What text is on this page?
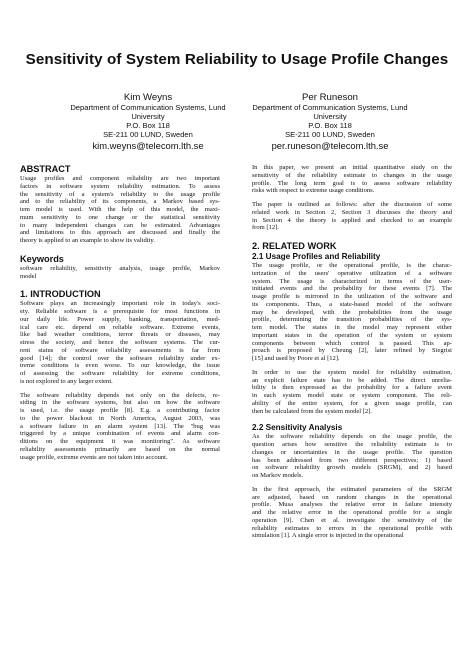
Sensitivity of System Reliability to Usage Profile Changes
Kim Weyns
Department of Communication Systems, Lund
University
P.O. Box 118
SE-211 00 LUND, Sweden
kim.weyns@telecom.lth.se
Per Runeson
Department of Communication Systems, Lund
University
P.O. Box 118
SE-211 00 LUND, Sweden
per.runeson@telecom.lth.se
ABSTRACT
Usage profiles and component reliability are two important
factors in software system reliability estimation. To assess
the sensitivity of a system's reliability to the usage profile
and to the reliability of its components, a Markov based sys-
tem model is used. With the help of this model, the maxi-
mum sensitivity to one change or the statistical sensitivity
to many independent changes can be estimated. Advantages
and limitations to this approach are discussed and finally the
theory is applied to an example to show its validity.
Keywords
software reliability, sensitivity analysis, usage profile, Markov
model
1. INTRODUCTION
Software plays an increasingly important role in today's soci-
ety. Reliable software is a prerequisite for most functions in
our daily life. Power supply, banking, transportation, med-
ical care etc. depend on reliable software. Extreme events,
like bad weather conditions, terror threats or diseases, may
stress the society, and hence the software systems. The cur-
rent status of software reliability assessments is far from
good [14]; the control over the software reliability under ex-
treme conditions is even worse. To our knowledge, the issue
of assessing the software reliability for extreme conditions,
is not explored to any larger extent.
The software reliability depends not only on the defects, re-
siding in the software systems, but also on how the software
is used, i.e. the usage profile [8]. E.g. a contributing factor
to the power blackout in North America, August 2003, was
a software failure in an alarm system [13]. The "bug was
triggered by a unique combination of events and alarm con-
ditions on the equipment it was monitoring". As software
reliability assessments primarily are based on the normal
usage profile, extreme events are not taken into account.
In this paper, we present an initial quantitative study on the
sensitivity of the reliability estimate to changes in the usage
profile. The long term goal is to assess software reliability
risks with respect to extreme usage conditions.
The paper is outlined as follows: after the discussion of some
related work in Section 2, Section 3 discusses the theory and
in Section 4 the theory is applied and checked to an example
from [12].
2. RELATED WORK
2.1 Usage Profiles and Reliability
The usage profile, or the operational profile, is the charac-
terization of the users' operative utilization of a software
system. The usage is characterized in terms of the user-
initiated events and the probability for these events [7]. The
usage profile is mirrored in the utilization of the software and
its components. Thus, a state-based model of the software
may be developed, with the probabilities from the usage
profile, determining the transition probabilities of the sys-
tem model. The states in the model may represent either
important states in the operation of the system or system
components between which control is passed. This ap-
proach is proposed by Cheung [2], later refined by Siegrist
[15] and used by Poore et al [12].
In order to use the system model for reliability estimation,
an explicit failure state has to be added. The direct unrelia-
bility is then expressed as the probability for a failure event
in each system model state or system component. The reli-
ability of the entire system, for a given usage profile, can
then be calculated from the system model [2].
2.2 Sensitivity Analysis
As the software reliability depends on the usage profile, the
question arises how sensitive the reliability estimate is to
changes or uncertainties in the usage profile. The question
has been addressed from two different perspectives; 1) based
on software reliability growth models (SRGM), and 2) based
on Markov models.
In the first approach, the estimated parameters of the SRGM
are adjusted, based on random changes in the operational
profile. Musa analyses the relative error in failure intensity
and the relative error in the operational profile for a single
operation [9]. Chen et al. investigate the sensitivity of the
reliability estimates to errors in the operational profile with
simulation [1]. A single error is injected in the operational
